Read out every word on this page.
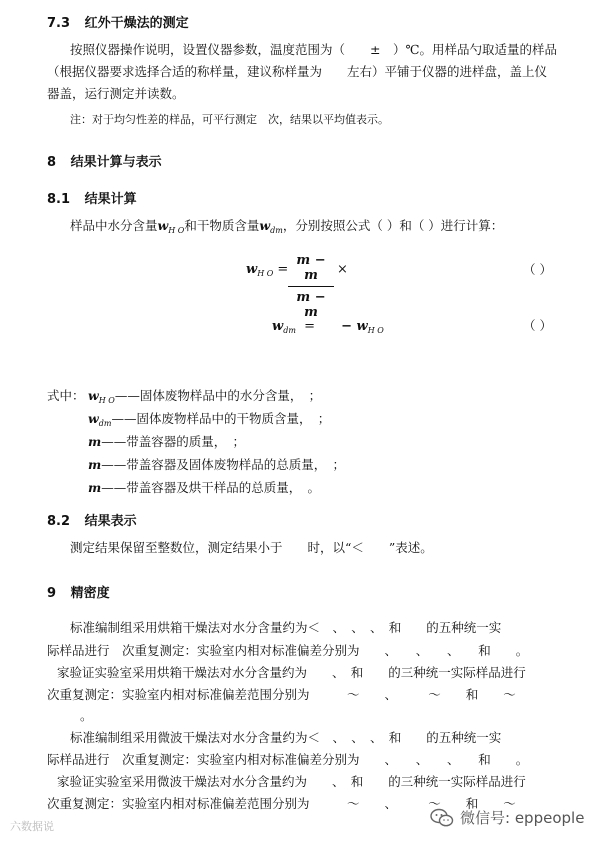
7.3 红外干燥法的测定
按照仪器操作说明，设置仪器参数，温度范围为（　　±　）℃。用样品勺取适量的样品
（根据仪器要求选择合适的称样量，建议称样量为　　左右）平铺于仪器的进样盘，盖上仪
器盖，运行测定并读数。
注：对于均匀性差的样品，可平行测定　次，结果以平均值表示。
8 结果计算与表示
8.1 结果计算
样品中水分含量$w_{H O}$和干物质含量$w_{dm}$，分别按照公式（ ）和（ ）进行计算：
$w_{H O}$ =
m − m
m − m
×	（ ）
$w_{dm}$ = − $w_{H O}$	（ ）
式中： $w_{H O}——$固体废物样品中的水分含量，　；
$w_{dm}——$固体废物样品中的干物质含量，　；
m——带盖容器的质量，　；
m——带盖容器及固体废物样品的总质量，　；
m——带盖容器及烘干样品的总质量，　。
8.2 结果表示
测定结果保留至整数位，测定结果小于　　时，以“＜　　”表述。
9 精密度
标准编制组采用烘箱干燥法对水分含量约为＜　、　、　、　和　　的五种统一实
际样品进行　次重复测定：实验室内相对标准偏差分别为　　、　　、　　、　　和　　。
家验证实验室采用烘箱干燥法对水分含量约为　　、　和　　的三种统一实际样品进行
次重复测定：实验室内相对标准偏差范围分别为　　　～　　、　　　～　　和　　～
。
标准编制组采用微波干燥法对水分含量约为＜　、　、　、　和　　的五种统一实
际样品进行　次重复测定：实验室内相对标准偏差分别为　　、　　、　　、　　和　　。
家验证实验室采用微波干燥法对水分含量约为　　、　和　　的三种统一实际样品进行
次重复测定：实验室内相对标准偏差范围分别为　　　～　　、　　　～　　和　　～
六数据说	微信号: eppeople
